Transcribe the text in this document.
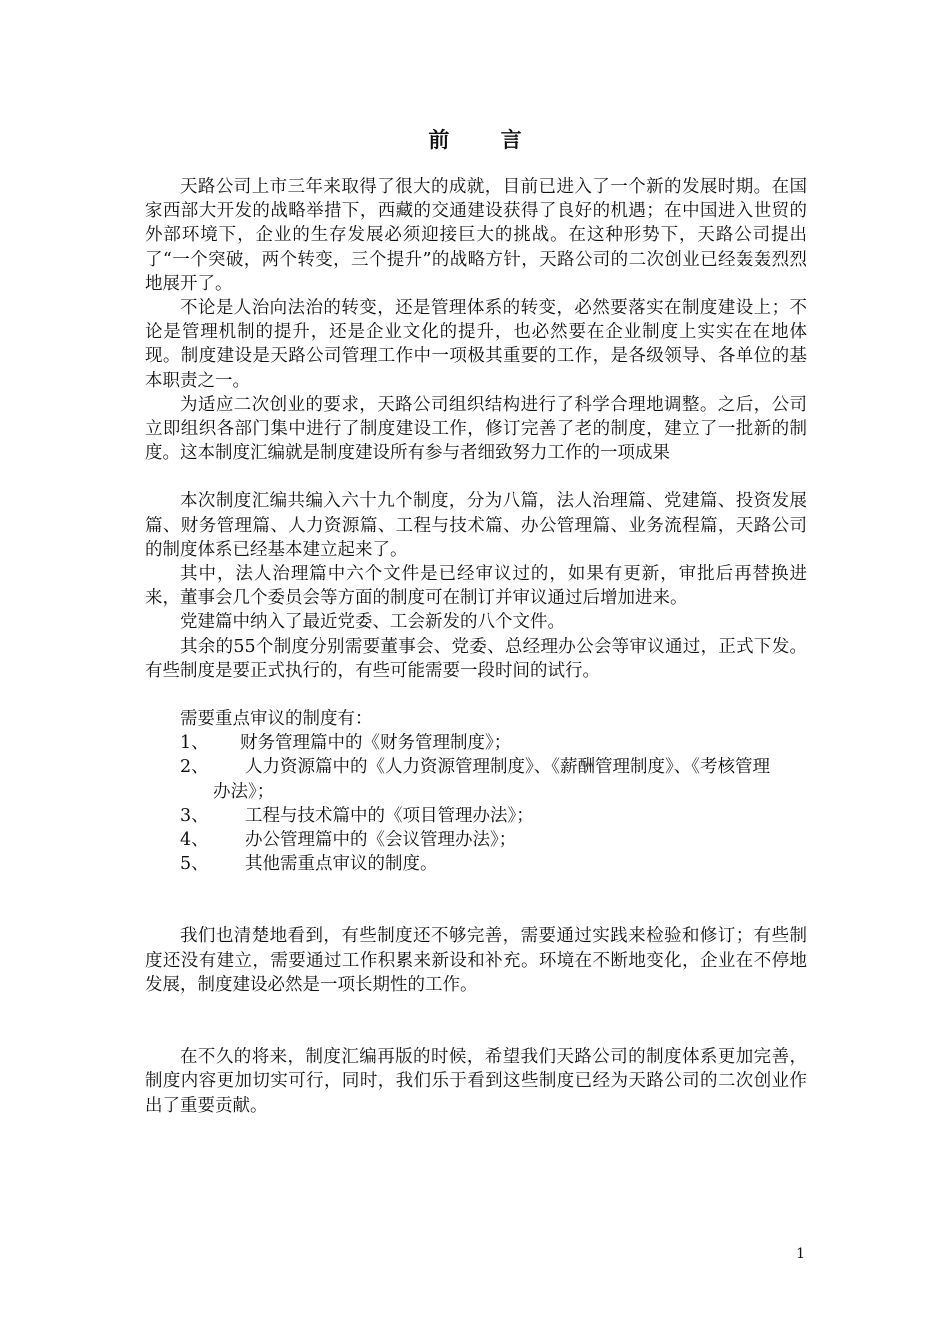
前 言

天路公司上市三年来取得了很大的成就，目前已进入了一个新的发展时期。在国家西部大开发的战略举措下，西藏的交通建设获得了良好的机遇；在中国进入世贸的外部环境下，企业的生存发展必须迎接巨大的挑战。在这种形势下，天路公司提出了“一个突破，两个转变，三个提升”的战略方针，天路公司的二次创业已经轰轰烈烈地展开了。

不论是人治向法治的转变，还是管理体系的转变，必然要落实在制度建设上；不论是管理机制的提升，还是企业文化的提升，也必然要在企业制度上实实在在地体现。制度建设是天路公司管理工作中一项极其重要的工作，是各级领导、各单位的基本职责之一。

为适应二次创业的要求，天路公司组织结构进行了科学合理地调整。之后，公司立即组织各部门集中进行了制度建设工作，修订完善了老的制度，建立了一批新的制度。这本制度汇编就是制度建设所有参与者细致努力工作的一项成果

本次制度汇编共编入六十九个制度，分为八篇，法人治理篇、党建篇、投资发展篇、财务管理篇、人力资源篇、工程与技术篇、办公管理篇、业务流程篇，天路公司的制度体系已经基本建立起来了。

其中，法人治理篇中六个文件是已经审议过的，如果有更新，审批后再替换进来，董事会几个委员会等方面的制度可在制订并审议通过后增加进来。

党建篇中纳入了最近党委、工会新发的八个文件。

其余的55个制度分别需要董事会、党委、总经理办公会等审议通过，正式下发。有些制度是要正式执行的，有些可能需要一段时间的试行。

需要重点审议的制度有：

1、	财务管理篇中的《财务管理制度》；
2、	人力资源篇中的《人力资源管理制度》、《薪酬管理制度》、《考核管理
办法》；
3、	工程与技术篇中的《项目管理办法》；
4、	办公管理篇中的《会议管理办法》；
5、	其他需重点审议的制度。

我们也清楚地看到，有些制度还不够完善，需要通过实践来检验和修订；有些制度还没有建立，需要通过工作积累来新设和补充。环境在不断地变化，企业在不停地发展，制度建设必然是一项长期性的工作。

在不久的将来，制度汇编再版的时候，希望我们天路公司的制度体系更加完善，制度内容更加切实可行，同时，我们乐于看到这些制度已经为天路公司的二次创业作出了重要贡献。

1
